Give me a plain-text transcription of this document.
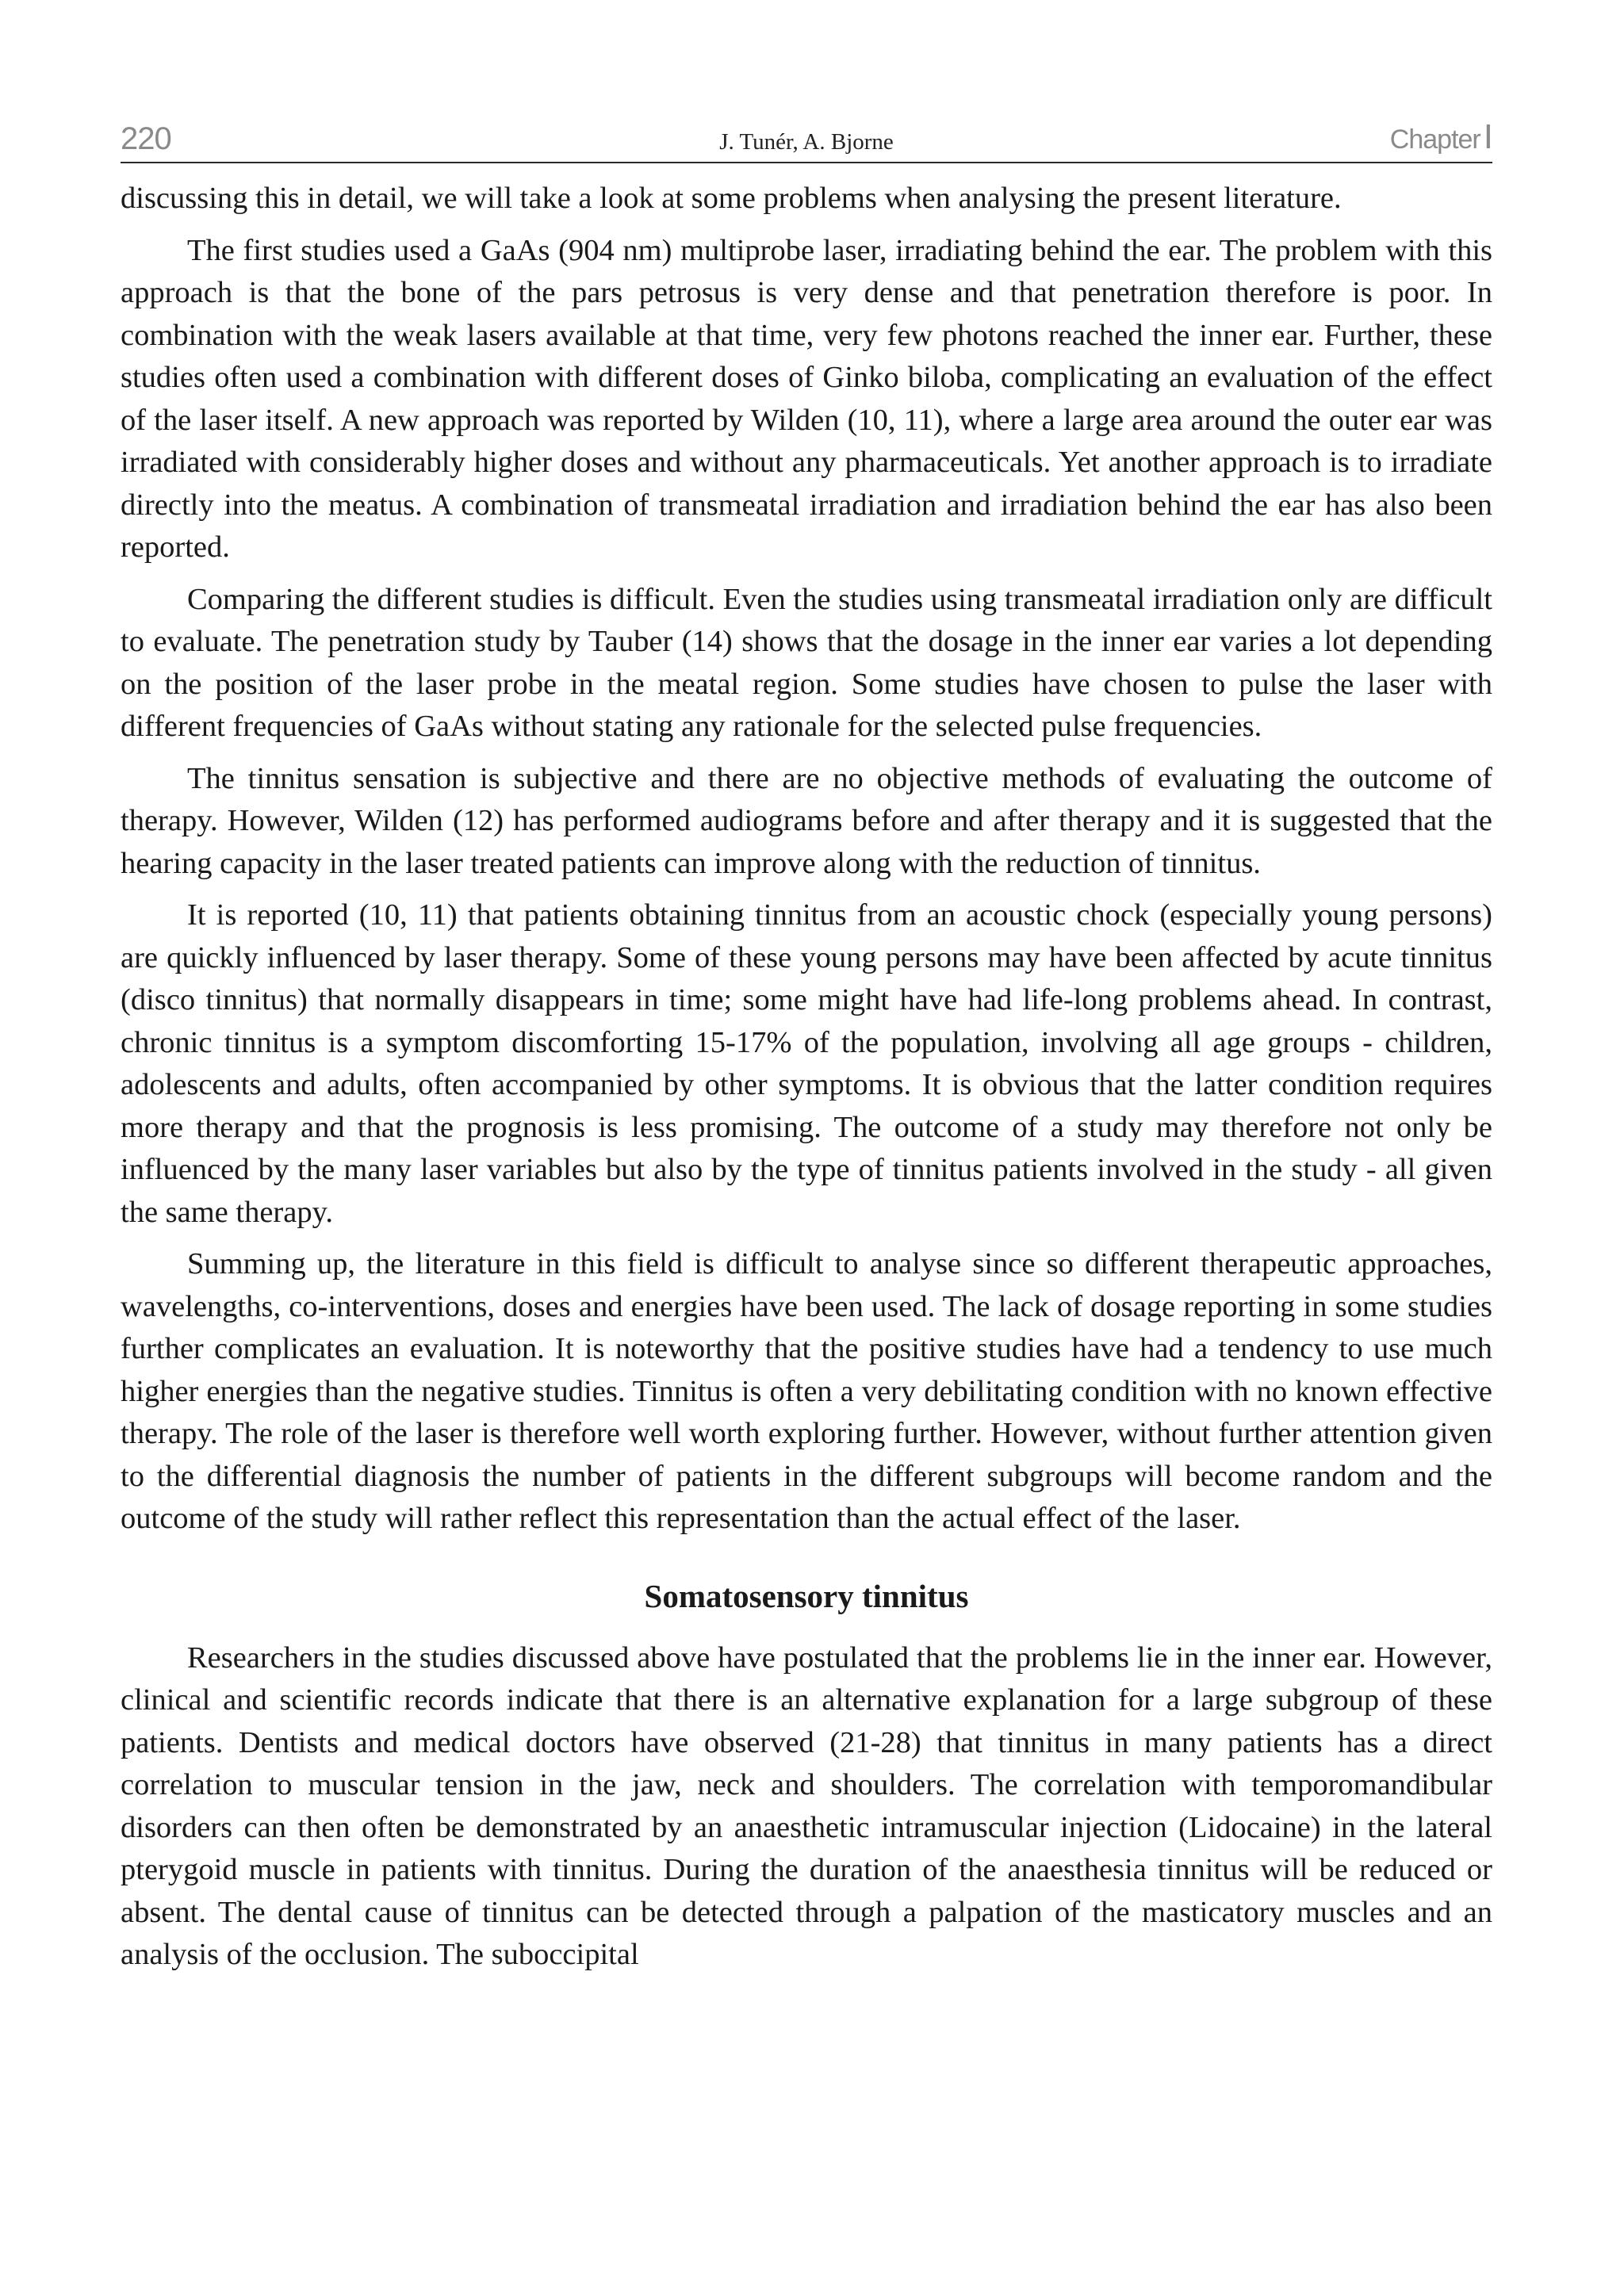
220	J. Tunér, A. Bjorne	ChapterI

discussing this in detail, we will take a look at some problems when analysing the present literature.

The first studies used a GaAs (904 nm) multiprobe laser, irradiating behind the ear. The problem with this approach is that the bone of the pars petrosus is very dense and that penetration therefore is poor. In combination with the weak lasers available at that time, very few photons reached the inner ear. Further, these studies often used a combination with different doses of Ginko biloba, complicating an evaluation of the effect of the laser itself. A new approach was reported by Wilden (10, 11), where a large area around the outer ear was irradiated with considerably higher doses and without any pharmaceuticals. Yet another approach is to irradiate directly into the meatus. A combination of transmeatal irradiation and irradiation behind the ear has also been reported.

Comparing the different studies is difficult. Even the studies using transmeatal irradiation only are difficult to evaluate. The penetration study by Tauber (14) shows that the dosage in the inner ear varies a lot depending on the position of the laser probe in the meatal region. Some studies have chosen to pulse the laser with different frequencies of GaAs without stating any rationale for the selected pulse frequencies.

The tinnitus sensation is subjective and there are no objective methods of evaluating the outcome of therapy. However, Wilden (12) has performed audiograms before and after therapy and it is suggested that the hearing capacity in the laser treated patients can improve along with the reduction of tinnitus.

It is reported (10, 11) that patients obtaining tinnitus from an acoustic chock (especially young persons) are quickly influenced by laser therapy. Some of these young persons may have been affected by acute tinnitus (disco tinnitus) that normally disappears in time; some might have had life-long problems ahead. In contrast, chronic tinnitus is a symptom discomforting 15-17% of the population, involving all age groups - children, adolescents and adults, often accompanied by other symptoms. It is obvious that the latter condition requires more therapy and that the prognosis is less promising. The outcome of a study may therefore not only be influenced by the many laser variables but also by the type of tinnitus patients involved in the study - all given the same therapy.

Summing up, the literature in this field is difficult to analyse since so different therapeutic approaches, wavelengths, co-interventions, doses and energies have been used. The lack of dosage reporting in some studies further complicates an evaluation. It is noteworthy that the positive studies have had a tendency to use much higher energies than the negative studies. Tinnitus is often a very debilitating condition with no known effective therapy. The role of the laser is therefore well worth exploring further. However, without further attention given to the differential diagnosis the number of patients in the different subgroups will become random and the outcome of the study will rather reflect this representation than the actual effect of the laser.

Somatosensory tinnitus

Researchers in the studies discussed above have postulated that the problems lie in the inner ear. However, clinical and scientific records indicate that there is an alternative explanation for a large subgroup of these patients. Dentists and medical doctors have observed (21-28) that tinnitus in many patients has a direct correlation to muscular tension in the jaw, neck and shoulders. The correlation with temporomandibular disorders can then often be demonstrated by an anaesthetic intramuscular injection (Lidocaine) in the lateral pterygoid muscle in patients with tinnitus. During the duration of the anaesthesia tinnitus will be reduced or absent. The dental cause of tinnitus can be detected through a palpation of the masticatory muscles and an analysis of the occlusion. The suboccipital
